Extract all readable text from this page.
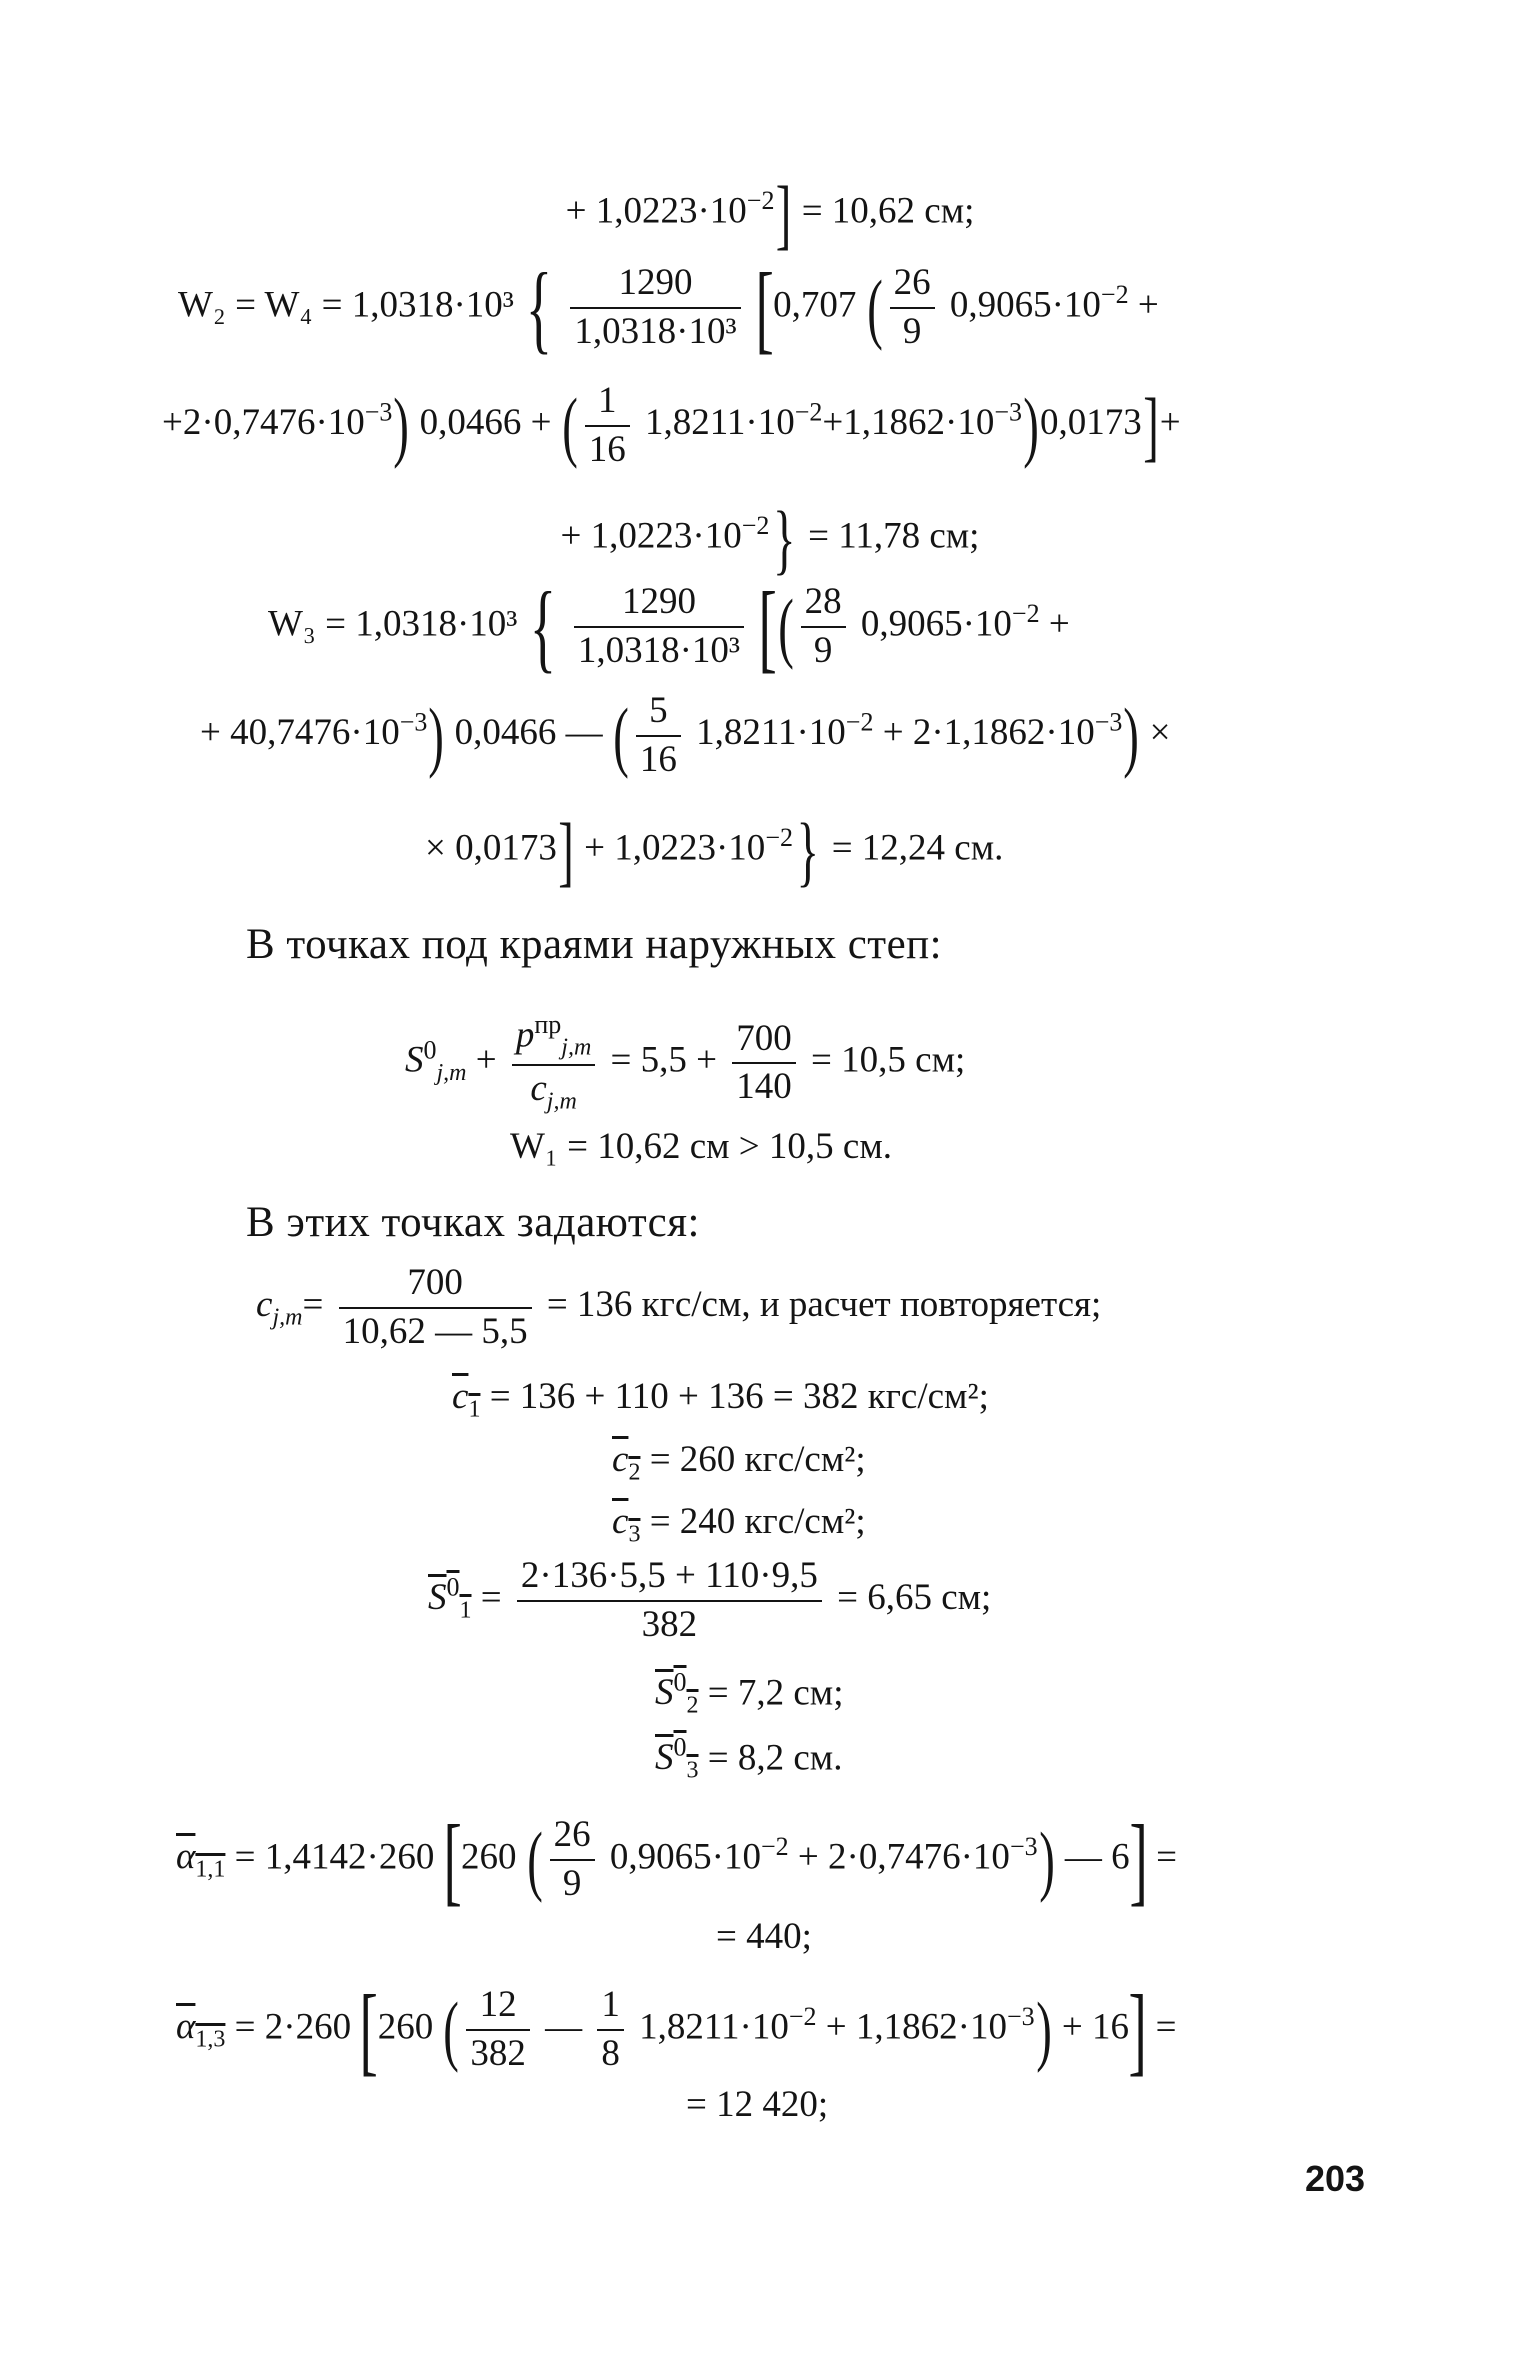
+ $1,0223\cdot 10^{-2}] = 10,62$ см;
W₂ = W₄ = 1,0318·10³ { $\frac{1290}{\text{1,0318·10³}} [0,707$ ( $\frac{26}{9} 0,9065\cdot 10^{-2}$ +
$+2\cdot 0,7476\cdot 10^{-3}$) 0,0466 + ( $\frac{1}{16} 1,8211\cdot 10^{-2}+1,1862\cdot 10^{-3})0,0173]+$
+ $1,0223\cdot 10^{-2}\} = 11,78$ см;
W₃ = 1,0318·10³ { $\frac{1290}{\text{1,0318·10³}}$ [( $\frac{28}{9} 0,9065\cdot 10^{-2}$ +
+ $40,7476\cdot 10^{-3}$) 0,0466 — ( $\frac{5}{16} 1,8211\cdot 10^{-2} + 2\cdot 1,1862\cdot 10^{-3}$) ×
× $0,0173] + 1,0223\cdot 10^{-2}\} = 12,24$ см.
В точках под краями наружных степ:
$S^0_{j,m} + \frac{p^{пр}_{j,m}}{c_{j,m}} = 5,5 + \frac{700}{140} = 10,5$ см;
W₁ = 10,62 см > 10,5 см.
В этих точках задаются:
$c_{j,m}= \frac{700}{10,62 — 5,5} = 136$ кгс/см, и расчет повторяется;
$c_1 = 136 + 110 + 136 = 382$ кгс/см²;
$c_2 = 260$ кгс/см²;
$c_3 = 240$ кгс/см²;
$S^0_1 = \frac{2\cdot 136\cdot 5,5 + 110\cdot 9,5}{382} = 6,65$ см;
$S^0_2 = 7,2$ см;
$S^0_3 = 8,2$ см.
$\alpha_{1,1} = 1,4142\cdot 260$ [260 ( $\frac{26}{9} 0,9065\cdot 10^{-2} + 2\cdot 0,7476\cdot 10^{-3}$) — 6] =
= 440;
$\alpha_{1,3} = 2\cdot 260$ [260 ( $\frac{12}{382}$ — $\frac{1}{8} 1,8211\cdot 10^{-2} + 1,1862\cdot 10^{-3}) + 16$] =
= 12 420;
203
